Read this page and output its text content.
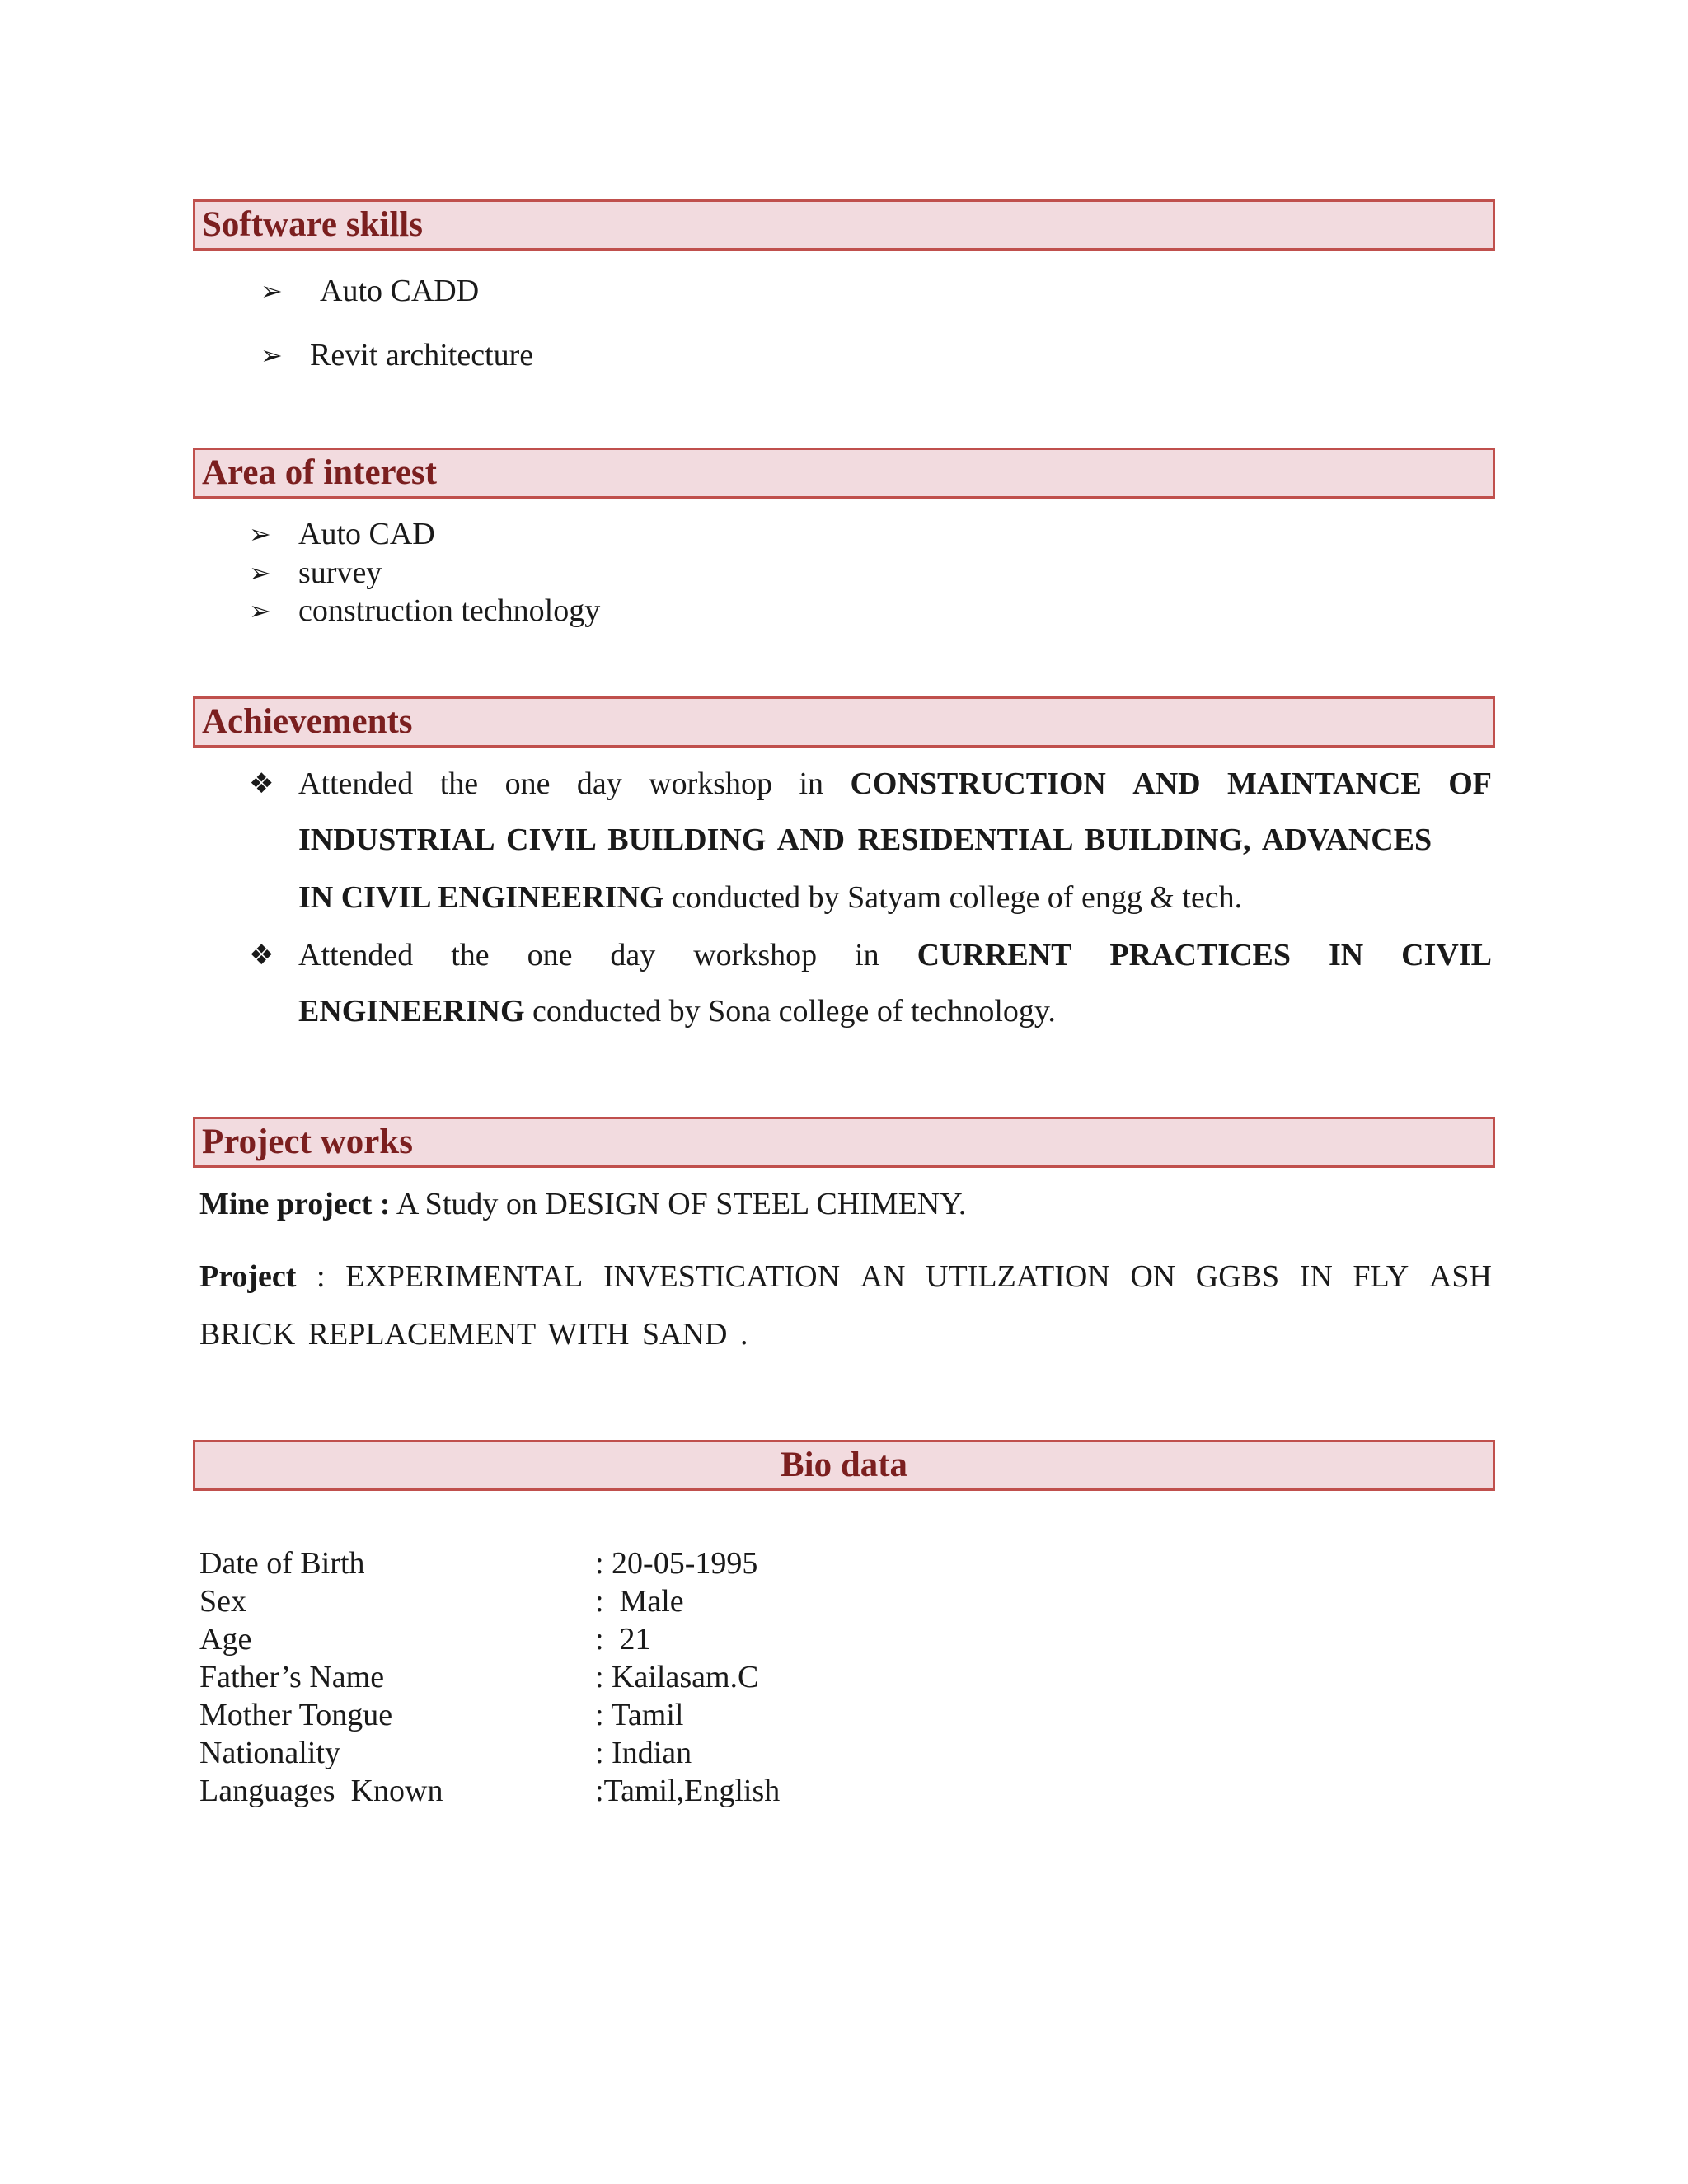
Software skills
➢ Auto CADD
➢ Revit architecture
Area of interest
➢ Auto CAD
➢ survey
➢ construction technology
Achievements
❖ Attended the one day workshop in CONSTRUCTION AND MAINTANCE OF
INDUSTRIAL CIVIL BUILDING AND RESIDENTIAL BUILDING, ADVANCES
IN CIVIL ENGINEERING conducted by Satyam college of engg & tech.
❖ Attended the one day workshop in CURRENT PRACTICES IN CIVIL
ENGINEERING conducted by Sona college of technology.
Project works
Mine project : A Study on DESIGN OF STEEL CHIMENY.
Project : EXPERIMENTAL INVESTICATION AN UTILZATION ON GGBS IN FLY ASH
BRICK REPLACEMENT WITH SAND .
Bio data
Date of Birth	: 20-05-1995
Sex	:  Male
Age	:  21
Father’s Name	: Kailasam.C
Mother Tongue	: Tamil
Nationality	: Indian
Languages  Known	:Tamil,English
